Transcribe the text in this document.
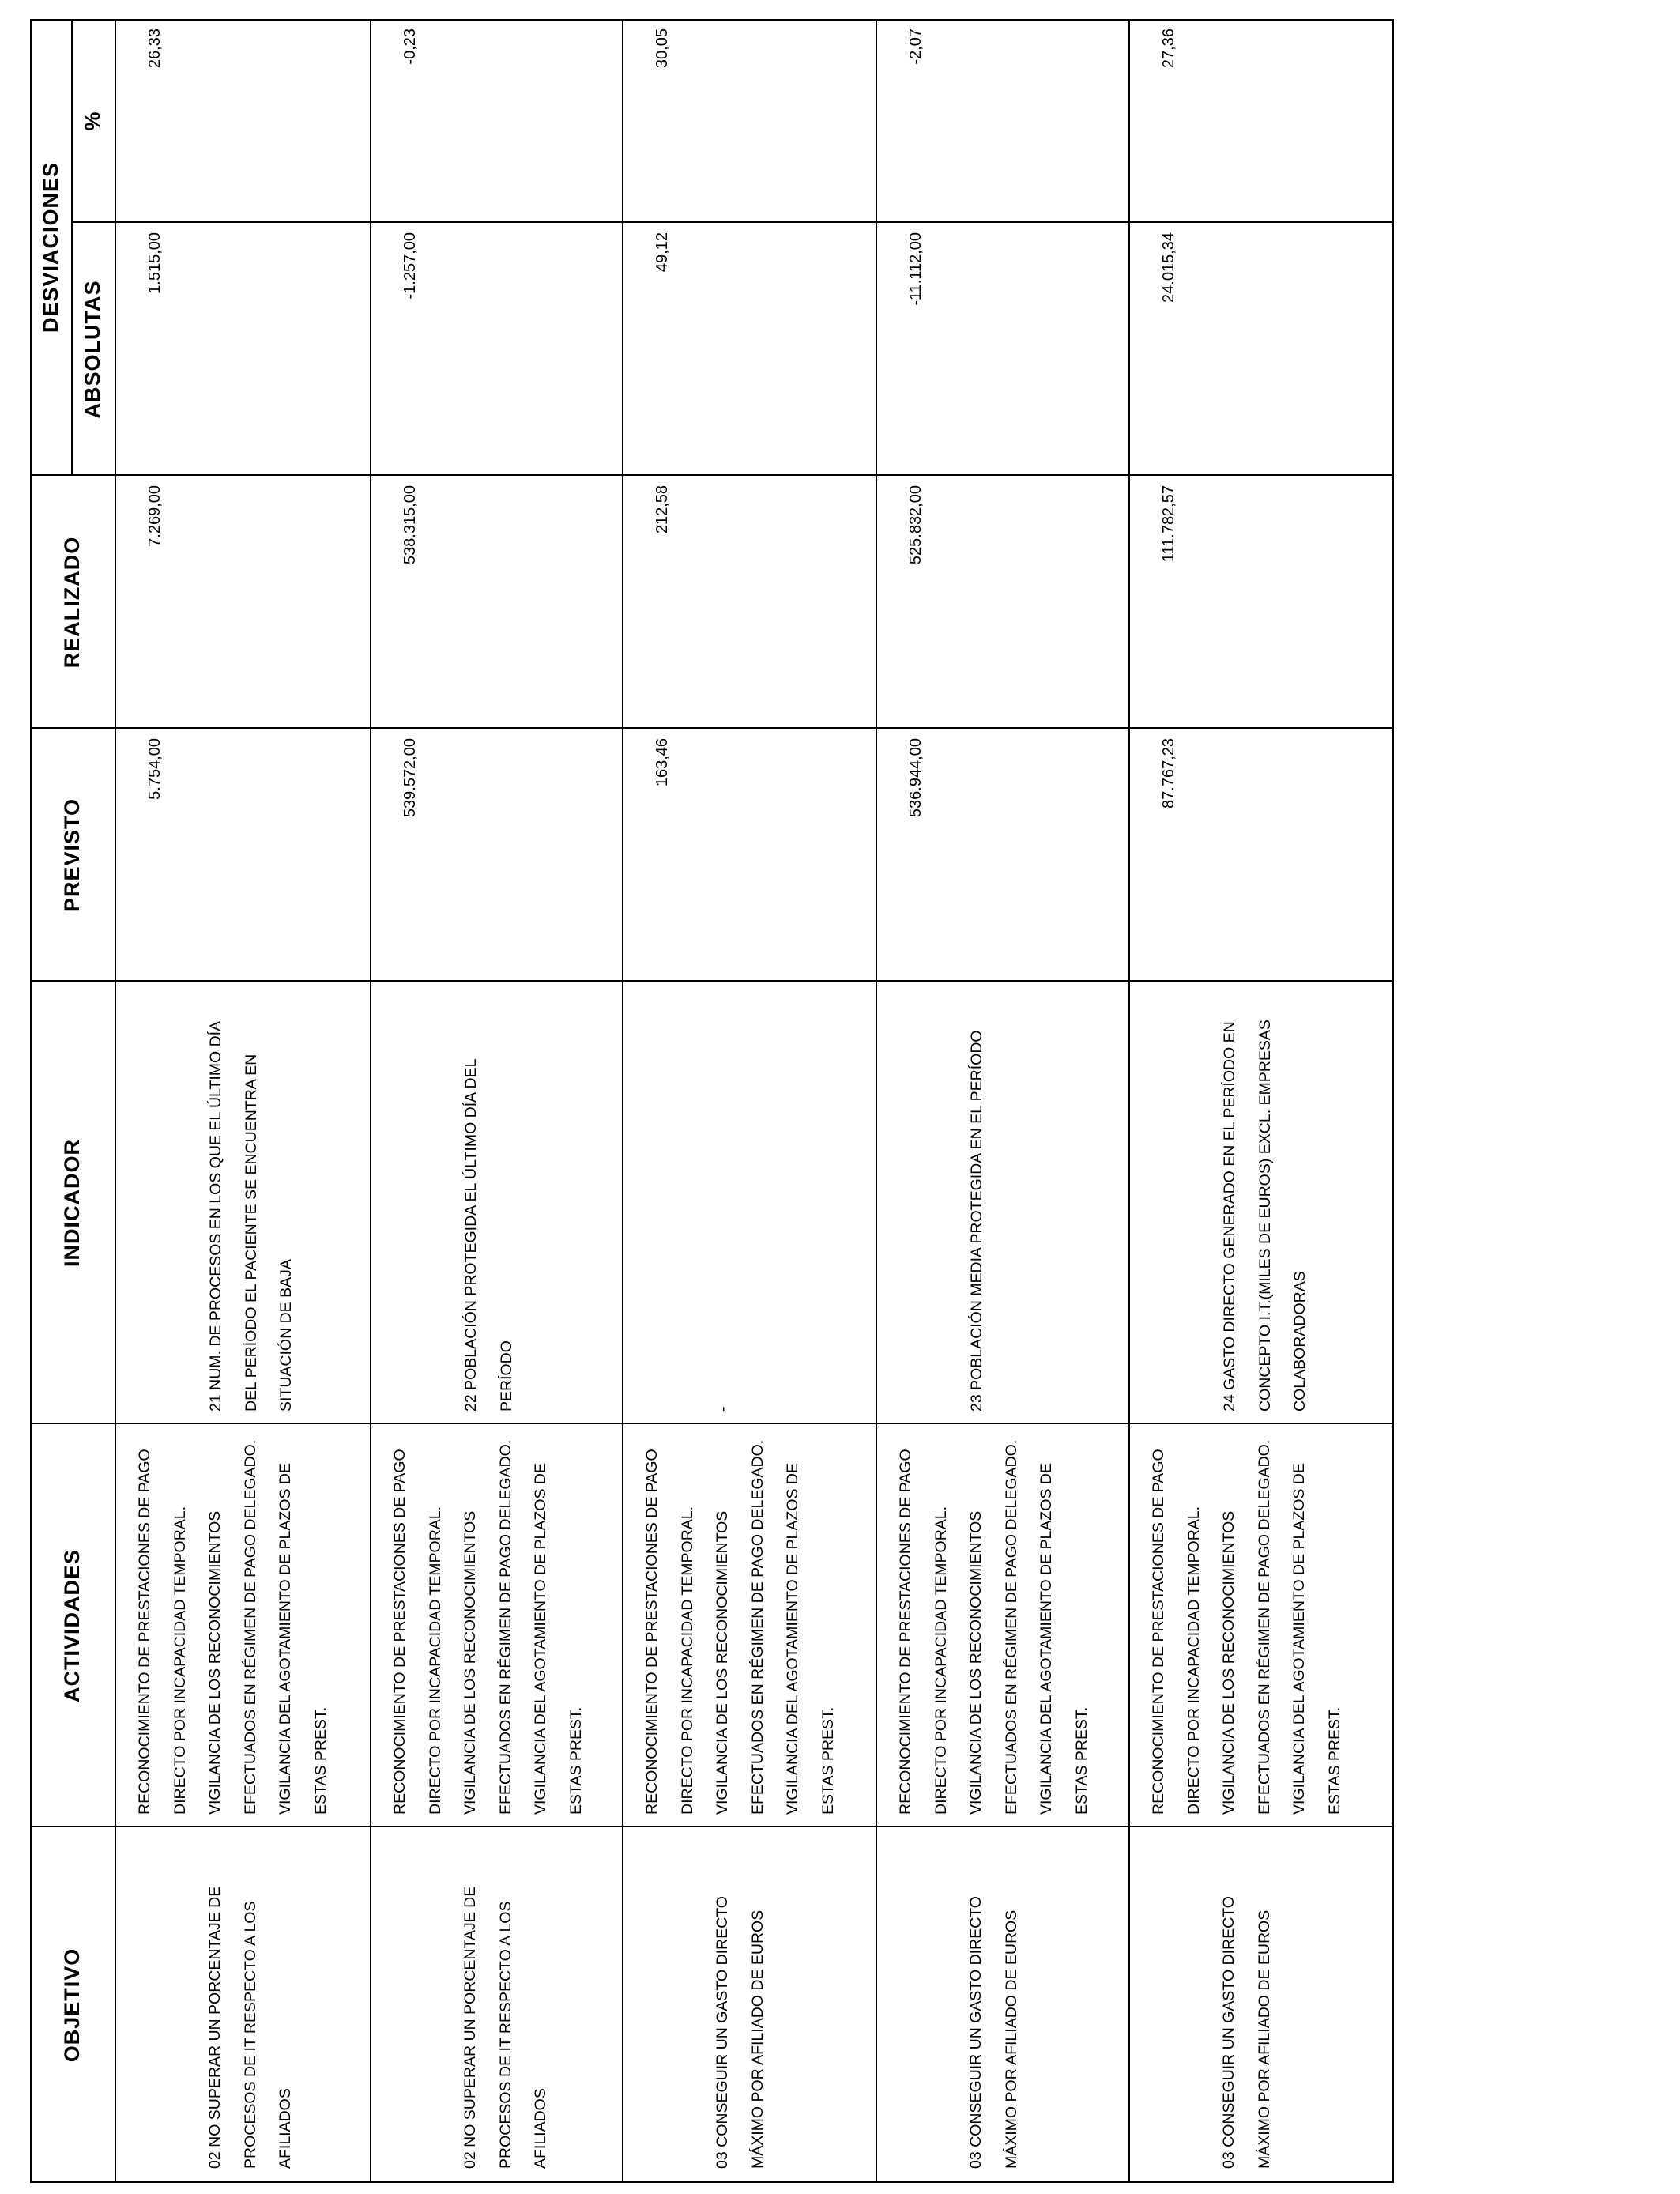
OBJETIVO
ACTIVIDADES
INDICADOR
PREVISTO
REALIZADO
DESVIACIONES
ABSOLUTAS
%
02 NO SUPERAR UN PORCENTAJE DE PROCESOS DE IT RESPECTO A LOS AFILIADOS
RECONOCIMIENTO DE PRESTACIONES DE PAGO DIRECTO POR INCAPACIDAD TEMPORAL. VIGILANCIA DE LOS RECONOCIMIENTOS EFECTUADOS EN RÉGIMEN DE PAGO DELEGADO. VIGILANCIA DEL AGOTAMIENTO DE PLAZOS DE ESTAS PREST.
21 NUM. DE PROCESOS EN LOS QUE EL ÚLTIMO DÍA DEL PERÍODO EL PACIENTE SE ENCUENTRA EN SITUACIÓN DE BAJA
5.754,00
7.269,00
1.515,00
26,33
02 NO SUPERAR UN PORCENTAJE DE PROCESOS DE IT RESPECTO A LOS AFILIADOS
RECONOCIMIENTO DE PRESTACIONES DE PAGO DIRECTO POR INCAPACIDAD TEMPORAL. VIGILANCIA DE LOS RECONOCIMIENTOS EFECTUADOS EN RÉGIMEN DE PAGO DELEGADO. VIGILANCIA DEL AGOTAMIENTO DE PLAZOS DE ESTAS PREST.
22 POBLACIÓN PROTEGIDA EL ÚLTIMO DÍA DEL PERÍODO
539.572,00
538.315,00
-1.257,00
-0,23
03 CONSEGUIR UN GASTO DIRECTO MÁXIMO POR AFILIADO DE EUROS
RECONOCIMIENTO DE PRESTACIONES DE PAGO DIRECTO POR INCAPACIDAD TEMPORAL. VIGILANCIA DE LOS RECONOCIMIENTOS EFECTUADOS EN RÉGIMEN DE PAGO DELEGADO. VIGILANCIA DEL AGOTAMIENTO DE PLAZOS DE ESTAS PREST.
-
163,46
212,58
49,12
30,05
03 CONSEGUIR UN GASTO DIRECTO MÁXIMO POR AFILIADO DE EUROS
RECONOCIMIENTO DE PRESTACIONES DE PAGO DIRECTO POR INCAPACIDAD TEMPORAL. VIGILANCIA DE LOS RECONOCIMIENTOS EFECTUADOS EN RÉGIMEN DE PAGO DELEGADO. VIGILANCIA DEL AGOTAMIENTO DE PLAZOS DE ESTAS PREST.
23 POBLACIÓN MEDIA PROTEGIDA EN EL PERÍODO
536.944,00
525.832,00
-11.112,00
-2,07
03 CONSEGUIR UN GASTO DIRECTO MÁXIMO POR AFILIADO DE EUROS
RECONOCIMIENTO DE PRESTACIONES DE PAGO DIRECTO POR INCAPACIDAD TEMPORAL. VIGILANCIA DE LOS RECONOCIMIENTOS EFECTUADOS EN RÉGIMEN DE PAGO DELEGADO. VIGILANCIA DEL AGOTAMIENTO DE PLAZOS DE ESTAS PREST.
24 GASTO DIRECTO GENERADO EN EL PERÍODO EN CONCEPTO I.T.(MILES DE EUROS) EXCL. EMPRESAS COLABORADORAS
87.767,23
111.782,57
24.015,34
27,36
